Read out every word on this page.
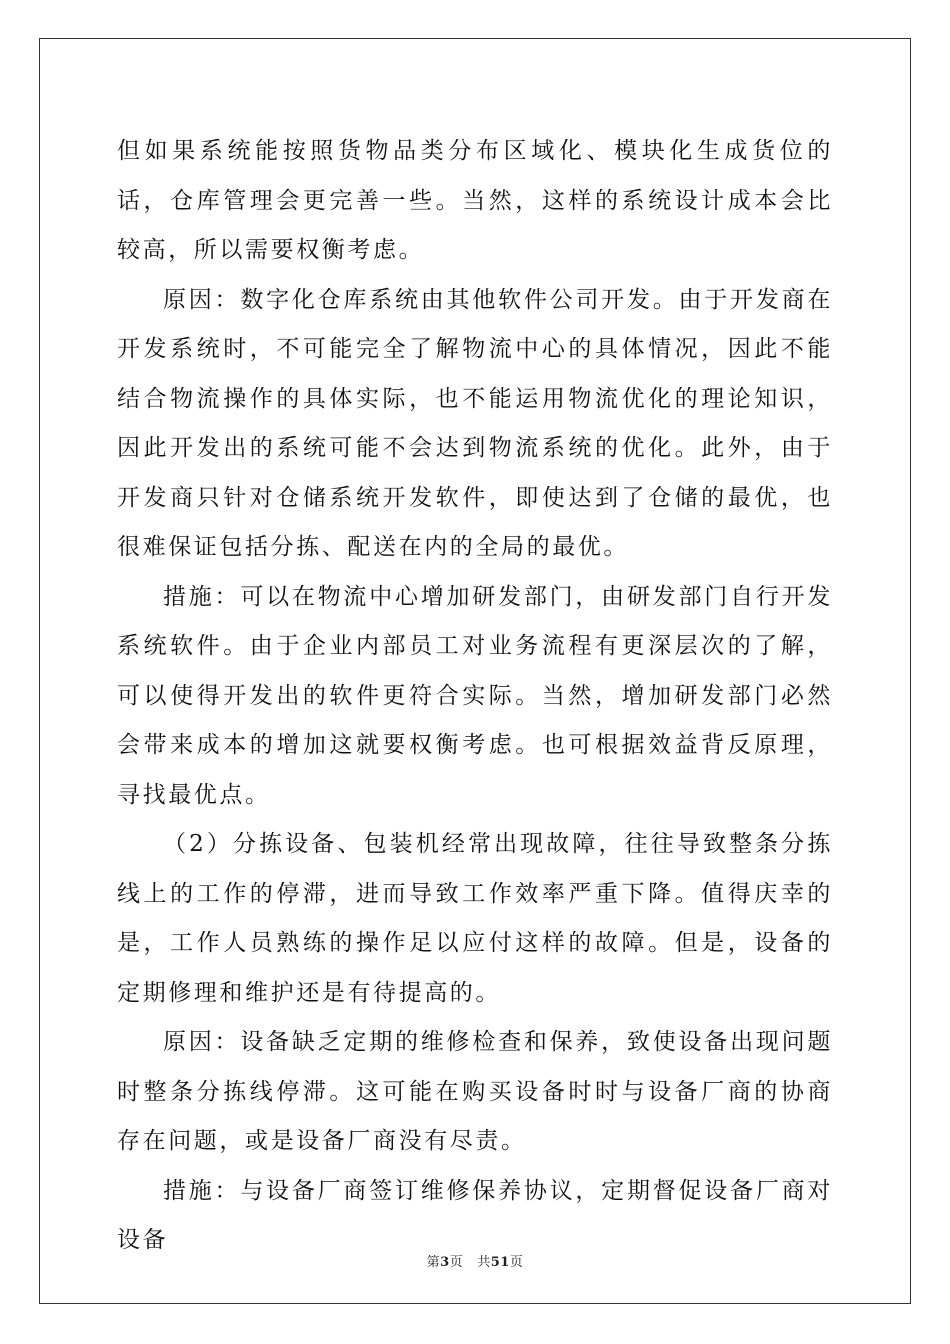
但如果系统能按照货物品类分布区域化、模块化生成货位的话，仓库管理会更完善一些。当然，这样的系统设计成本会比较高，所以需要权衡考虑。

原因：数字化仓库系统由其他软件公司开发。由于开发商在开发系统时，不可能完全了解物流中心的具体情况，因此不能结合物流操作的具体实际，也不能运用物流优化的理论知识，因此开发出的系统可能不会达到物流系统的优化。此外，由于开发商只针对仓储系统开发软件，即使达到了仓储的最优，也很难保证包括分拣、配送在内的全局的最优。

措施：可以在物流中心增加研发部门，由研发部门自行开发系统软件。由于企业内部员工对业务流程有更深层次的了解，可以使得开发出的软件更符合实际。当然，增加研发部门必然会带来成本的增加这就要权衡考虑。也可根据效益背反原理，寻找最优点。

（2）分拣设备、包装机经常出现故障，往往导致整条分拣线上的工作的停滞，进而导致工作效率严重下降。值得庆幸的是，工作人员熟练的操作足以应付这样的故障。但是，设备的定期修理和维护还是有待提高的。

原因：设备缺乏定期的维修检查和保养，致使设备出现问题时整条分拣线停滞。这可能在购买设备时时与设备厂商的协商存在问题，或是设备厂商没有尽责。

措施：与设备厂商签订维修保养协议，定期督促设备厂商对设备

第3页 共51页
